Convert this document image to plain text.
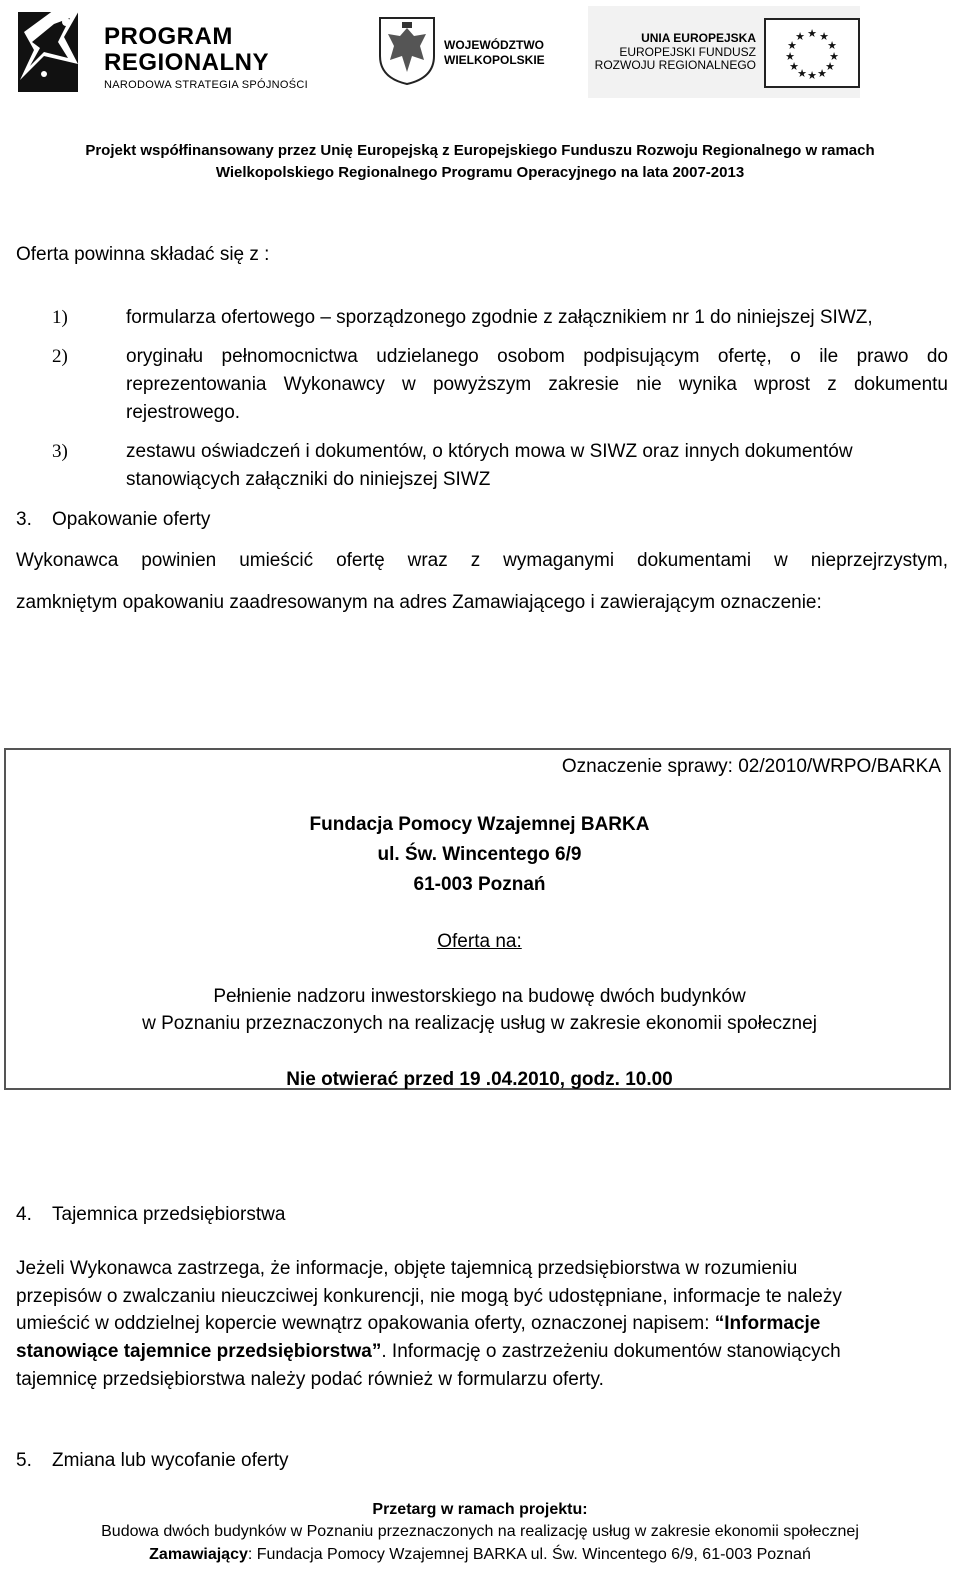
PROGRAM
REGIONALNY
NARODOWA STRATEGIA SPÓJNOŚCI
WOJEWÓDZTWO
WIELKOPOLSKIE
UNIA EUROPEJSKA
EUROPEJSKI FUNDUSZ
ROZWOJU REGIONALNEGO
★ ★
★
★
★
★
★
★
★
★
★
★
Projekt współfinansowany przez Unię Europejską z Europejskiego Funduszu Rozwoju Regionalnego w ramach
Wielkopolskiego Regionalnego Programu Operacyjnego na lata 2007-2013
Oferta powinna składać się z :
1)	formularza ofertowego – sporządzonego zgodnie z załącznikiem nr 1 do niniejszej SIWZ,
2)	oryginału pełnomocnictwa udzielanego osobom podpisującym ofertę, o ile prawo do
reprezentowania Wykonawcy w powyższym zakresie nie wynika wprost z dokumentu
rejestrowego.
3)	zestawu oświadczeń i dokumentów, o których mowa w SIWZ oraz innych dokumentów
stanowiących załączniki do niniejszej SIWZ
3. Opakowanie oferty
Wykonawca powinien umieścić ofertę wraz z wymaganymi dokumentami w nieprzejrzystym,
zamkniętym opakowaniu zaadresowanym na adres Zamawiającego i zawierającym oznaczenie:
Oznaczenie sprawy: 02/2010/WRPO/BARKA
Fundacja Pomocy Wzajemnej BARKA
ul. Św. Wincentego 6/9
61-003 Poznań
Oferta na:
Pełnienie nadzoru inwestorskiego na budowę dwóch budynków
w Poznaniu przeznaczonych na realizację usług w zakresie ekonomii społecznej
Nie otwierać przed 19 .04.2010, godz. 10.00
4. Tajemnica przedsiębiorstwa
Jeżeli Wykonawca zastrzega, że informacje, objęte tajemnicą przedsiębiorstwa w rozumieniu
przepisów o zwalczaniu nieuczciwej konkurencji, nie mogą być udostępniane, informacje te należy
umieścić w oddzielnej kopercie wewnątrz opakowania oferty, oznaczonej napisem: “Informacje
stanowiące tajemnice przedsiębiorstwa”. Informację o zastrzeżeniu dokumentów stanowiących
tajemnicę przedsiębiorstwa należy podać również w formularzu oferty.
5. Zmiana lub wycofanie oferty
Przetarg w ramach projektu:
Budowa dwóch budynków w Poznaniu przeznaczonych na realizację usług w zakresie ekonomii społecznej
Zamawiający: Fundacja Pomocy Wzajemnej BARKA ul. Św. Wincentego 6/9, 61-003 Poznań
